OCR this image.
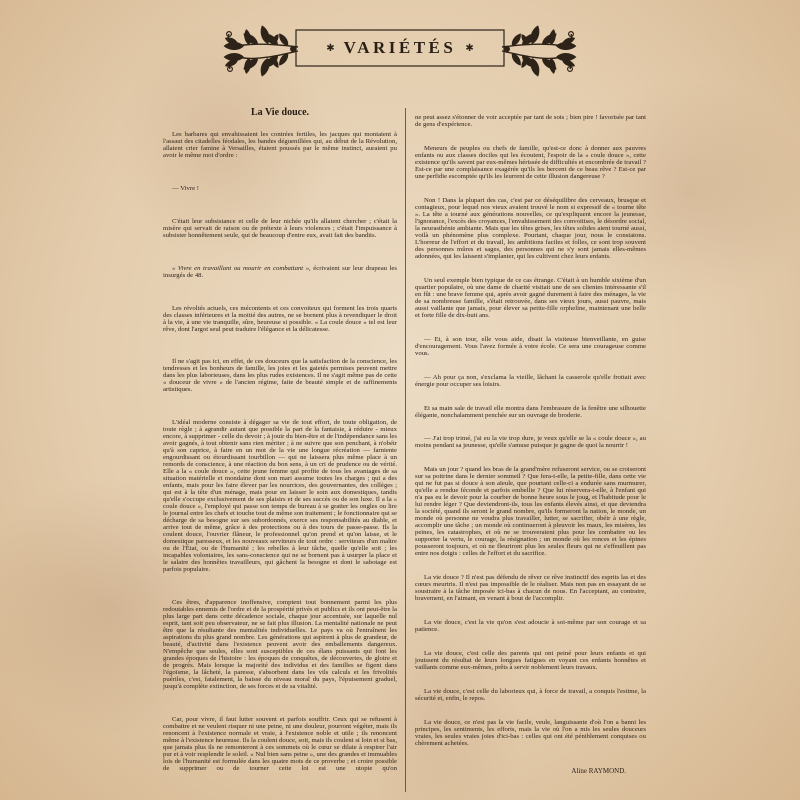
✱ VARIÉTÉS ✱
La Vie douce.

Les barbares qui envahissaient les contrées fertiles, les jacques qui montaient à l'assaut des citadelles féodales, les bandes déguenillées qui, au début de la Révolution, allaient crier famine à Versailles, étaient poussés par le même instinct, auraient pu avoir le même mot d'ordre :

— Vivre !

C'était leur subsistance et celle de leur nichée qu'ils allaient chercher ; c'était la misère qui servait de raison ou de prétexte à leurs violences ; c'était l'impuissance à subsister honnêtement seule, qui de beaucoup d'entre eux, avait fait des bandits.

« Vivre en travaillant ou mourir en combattant », écrivaient sur leur drapeau les insurgés de 48.

Les révoltés actuels, ces mécontents et ces convoiteux qui forment les trois quarts des classes inférieures et la moitié des autres, ne se bornent plus à revendiquer le droit à la vie, à une vie tranquille, sûre, heureuse si possible. « La coule douce » tel est leur rêve, dont l'argot seul peut traduire l'élégance et la délicatesse.

Il ne s'agit pas ici, en effet, de ces douceurs que la satisfaction de la conscience, les tendresses et les bonheurs de famille, les joies et les gaietés permises peuvent mettre dans les plus laborieuses, dans les plus rudes existences. Il ne s'agit même pas de cette « douceur de vivre » de l'ancien régime, faite de beauté simple et de raffinements artistiques.

L'idéal moderne consiste à dégager sa vie de tout effort, de toute obligation, de toute règle ; à agrandir autant que possible la part de la fantaisie, à réduire - mieux encore, à supprimer - celle du devoir ; à jouir du bien-être et de l'indépendance sans les avoir gagnés, à tout obtenir sans rien mériter ; à ne suivre que son penchant, à n'obéir qu'à son caprice, à faire en un mot de la vie une longue récréation — farniente engourdissant ou étourdissant tourbillon — qui ne laissera plus même place à un remords de conscience, à une réaction du bon sens, à un cri de prudence ou de vérité. Elle a la « coule douce », cette jeune femme qui profite de tous les avantages de sa situation matérielle et mondaine dont son mari assume toutes les charges ; qui a des enfants, mais pour les faire élever par les nourrices, des gouvernantes, des collèges ; qui est à la tête d'un ménage, mais pour en laisser le soin aux domestiques, tandis qu'elle s'occupe exclusivement de ses plaisirs et de ses succès ou de son luxe. Il a la « coule douce », l'employé qui passe son temps de bureau à se gratter les ongles ou lire le journal entre les chefs et touche tout de même son traitement ; le fonctionnaire qui se décharge de sa besogne sur ses subordonnés, exerce ses responsabilités au diable, et arrive tout de même, grâce à des protections ou à des tours de passe-passe. Ils la coulent douce, l'ouvrier flâneur, le professionnel qu'on prend et qu'on laisse, et le domestique paresseux, et les nouveaux serviteurs de tout ordre : serviteurs d'un maître ou de l'État, ou de l'humanité ; les rebelles à leur tâche, quelle qu'elle soit ; les incapables volontaires, les sans-conscience qui ne se bornent pas à usurper la place et le salaire des honnêtes travailleurs, qui gâchent la besogne et dont le sabotage est parfois populaire.

Ces êtres, d'apparence inoffensive, comptent tout bonnement parmi les plus redoutables ennemis de l'ordre et de la prospérité privés et publics et ils ont peut-être la plus large part dans cette décadence sociale, chaque jour accentuée, sur laquelle nul esprit, tant soit peu observateur, ne se fait plus illusion. La mentalité nationale ne peut être que la résultante des mentalités individuelles. Le pays va où l'entraînent les aspirations du plus grand nombre. Les générations qui aspirent à plus de grandeur, de beauté, d'activité dans l'existence peuvent avoir des emballements dangereux. N'empêche que seules, elles sont susceptibles de ces élans puissants qui font les grandes époques de l'histoire : les époques de conquêtes, de découvertes, de gloire et de progrès. Mais lorsque la majorité des individus et des familles se figent dans l'égoïsme, la lâcheté, la paresse, s'absorbent dans les vils calculs et les frivolités puériles, c'est, fatalement, la baisse du niveau moral du pays, l'épuisement graduel, jusqu'à complète extinction, de ses forces et de sa vitalité.

Car, pour vivre, il faut lutter souvent et parfois souffrir. Ceux qui se refusent à combattre et ne veulent risquer ni une peine, ni une douleur, pourront végéter, mais ils renoncent à l'existence normale et vraie, à l'existence noble et utile ; ils renoncent même à l'existence heureuse. Ils la coulent douce, soit, mais ils coulent si loin et si bas, que jamais plus ils ne remonteront à ces sommets où le cœur se dilate à respirer l'air pur et à voir resplendir le soleil. « Nul bien sans peine », une des grandes et immuables lois de l'humanité est formulée dans les quatre mots de ce proverbe ; et croire possible de supprimer ou de tourner cette loi est une utopie qu'on

ne peut assez s'étonner de voir acceptée par tant de sots ; bien pire ! favorisée par tant de gens d'expérience.

Meneurs de peuples ou chefs de famille, qu'est-ce donc à donner aux pauvres enfants ou aux classes dociles qui les écoutent, l'espoir de la « coule douce », cette existence qu'ils savent par eux-mêmes hérissée de difficultés et encombrée de travail ? Est-ce par une complaisance exagérée qu'ils les bercent de ce beau rêve ? Est-ce par une perfidie escomptée qu'ils les leurrent de cette illusion dangereuse ?

Non ! Dans la plupart des cas, c'est par ce déséquilibre des cerveaux, brusque et contagieux, pour lequel nos vieux avaient trouvé le nom si expressif de « tourne tête ». La tête a tourné aux générations nouvelles, ce qu'expliquent encore la jeunesse, l'ignorance, l'excès des croyances, l'envahissement des convoitises, le désordre social, la neurasthénie ambiante. Mais que les têtes grises, les têtes solides aient tourné aussi, voilà un phénomène plus complexe. Pourtant, chaque jour, nous le constatons. L'horreur de l'effort et du travail, les ambitions faciles et folles, ce sont trop souvent des personnes mûres et sages, des personnes qui ne s'y sont jamais elles-mêmes adonnées, qui les laissent s'implanter, qui les cultivent chez leurs enfants.

Un seul exemple bien typique de ce cas étrange. C'était à un humble sixième d'un quartier populaire, où une dame de charité visitait une de ses clientes intéressante s'il en fût : une brave femme qui, après avoir gagné durement à faire des ménages, la vie de sa nombreuse famille, s'était retrouvée, dans ses vieux jours, aussi pauvre, mais aussi vaillante que jamais, pour élever sa petite-fille orpheline, maintenant une belle et forte fille de dix-huit ans.

— Et, à son tour, elle vous aide, disait la visiteuse bienveillante, en guise d'encouragement. Vous l'avez formée à votre école. Ce sera une courageuse comme vous.

— Ah pour ça non, s'exclama la vieille, lâchant la casserole qu'elle frottait avec énergie pour occuper ses loisirs.

Et sa main sale de travail elle montra dans l'embrasure de la fenêtre une silhouette élégante, nonchalamment penchée sur un ouvrage de broderie.

— J'ai trop trimé, j'ai eu la vie trop dure, je veux qu'elle se la « coule douce », au moins pendant sa jeunesse, qu'elle s'amuse puisque je gagne de quoi la nourrir !

Mais un jour ? quand les bras de la grand'mère refuseront service, ou se croiseront sur sa poitrine dans le dernier sommeil ? Que fera-t-elle, la petite-fille, dans cette vie qui ne fut pas si douce à son aïeule, que pourtant celle-ci a endurée sans murmurer, qu'elle a rendue féconde et parfois embellie ? Que lui réservera-t-elle, à l'enfant qui n'a pas eu le devoir pour la courber de bonne heure sous le joug, et l'habitude pour le lui rendre léger ? Que deviendront-ils, tous les enfants élevés ainsi, et que deviendra la société, quand ils seront le grand nombre, qu'ils formeront la nation, le monde, un monde où personne ne voudra plus travailler, lutter, se sacrifier, obéir à une règle, accomplir une tâche ; un monde où continueront à pleuvoir les maux, les misères, les peines, les catastrophes, et où ne se trouveraient plus pour les combattre ou les supporter la vertu, le courage, la résignation ; un monde où les ronces et les épines pousseront toujours, et où ne fleuriront plus les seules fleurs qui ne s'effeuillent pas entre nos doigts : celles de l'effort et du sacrifice.

La vie douce ? Il n'est pas défendu de rêver ce rêve instinctif des esprits las et des cœurs meurtris. Il n'est pas impossible de le réaliser. Mais non pas en essayant de se soustraire à la tâche imposée ici-bas à chacun de nous. En l'acceptant, au contraire, bravement, en l'aimant, en venant à bout de l'accomplir.

La vie douce, c'est la vie qu'on s'est adoucie à soi-même par son courage et sa patience.

La vie douce, c'est celle des parents qui ont peiné pour leurs enfants et qui jouissent du résultat de leurs longues fatigues en voyant ces enfants honnêtes et vaillants comme eux-mêmes, prêts à servir noblement leurs travaux.

La vie douce, c'est celle du laborieux qui, à force de travail, a conquis l'estime, la sécurité et, enfin, le repos.

La vie douce, ce n'est pas la vie facile, veule, languissante d'où l'on a banni les principes, les sentiments, les efforts, mais la vie où l'on a mis les seules douceurs vraies, les seules vraies joies d'ici-bas : celles qui ont été péniblement conquises ou chèrement achetées.

Aline RAYMOND.
